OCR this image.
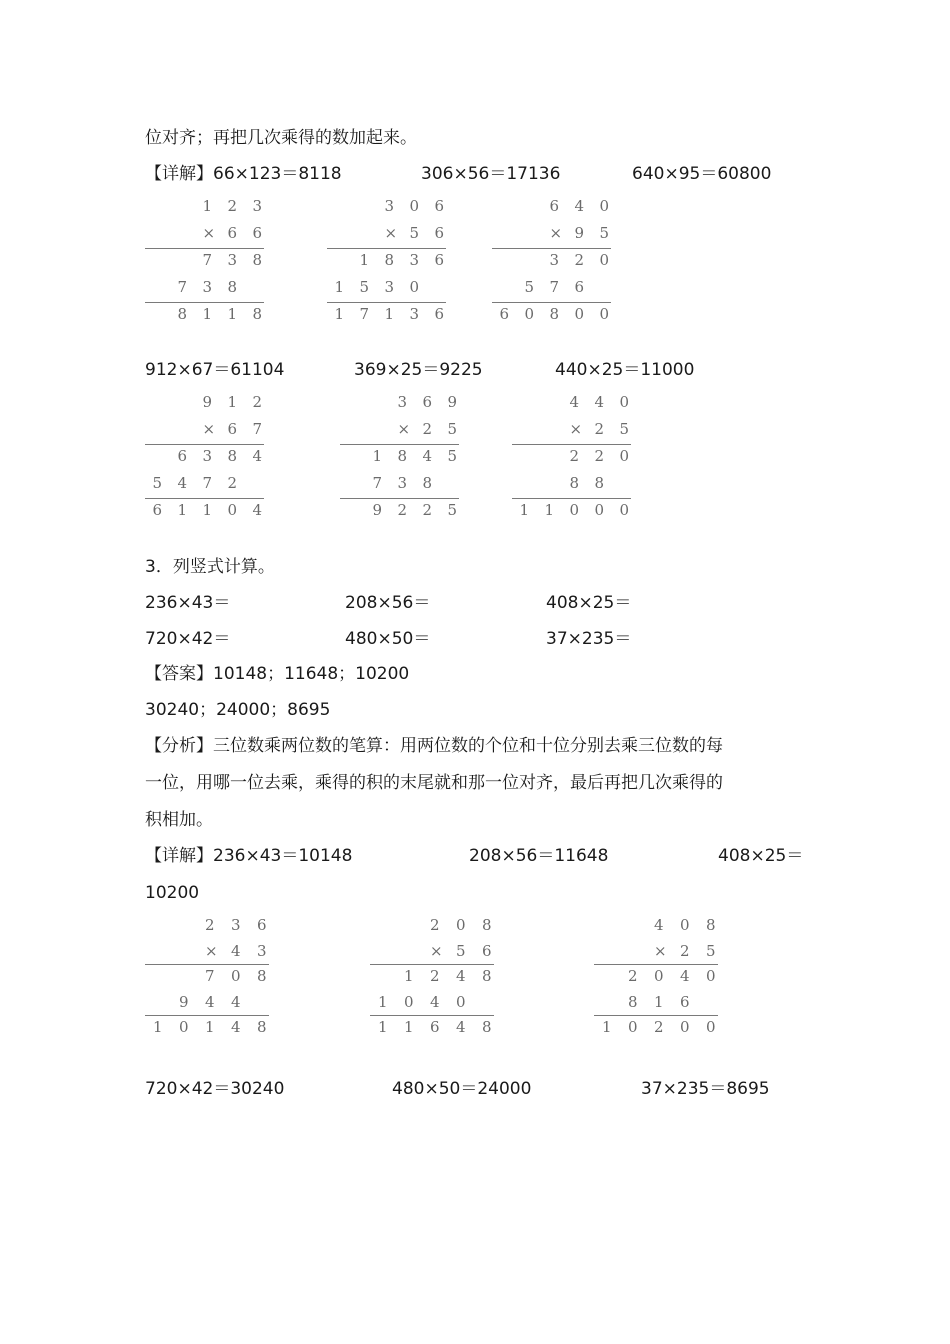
位对齐；再把几次乘得的数加起来。
【详解】66×123＝8118	306×56＝17136	640×95＝60800
1 2 3
× 6 6
7 3 8
7 3 8
8 1 1 8
3 0 6
× 5 6
1 8 3 6
1 5 3 0
1 7 1 3 6
6 4 0
× 9 5
3 2 0
5 7 6
6 0 8 0 0
912×67＝61104	369×25＝9225	440×25＝11000
9 1 2
× 6 7
6 3 8 4
5 4 7 2
6 1 1 0 4
3 6 9
× 2 5
1 8 4 5
7 3 8
9 2 2 5
4 4 0
× 2 5
2 2 0
8 8
1 1 0 0 0
3．列竖式计算。
236×43＝	208×56＝	408×25＝
720×42＝	480×50＝	37×235＝
【答案】10148；11648；10200
30240；24000；8695
【分析】三位数乘两位数的笔算：用两位数的个位和十位分别去乘三位数的每
一位，用哪一位去乘，乘得的积的末尾就和那一位对齐，最后再把几次乘得的
积相加。
【详解】236×43＝10148	208×56＝11648	408×25＝
10200
2 3 6
× 4 3
7 0 8
9 4 4
1 0 1 4 8
2 0 8
× 5 6
1 2 4 8
1 0 4 0
1 1 6 4 8
4 0 8
× 2 5
2 0 4 0
8 1 6
1 0 2 0 0
720×42＝30240	480×50＝24000	37×235＝8695
